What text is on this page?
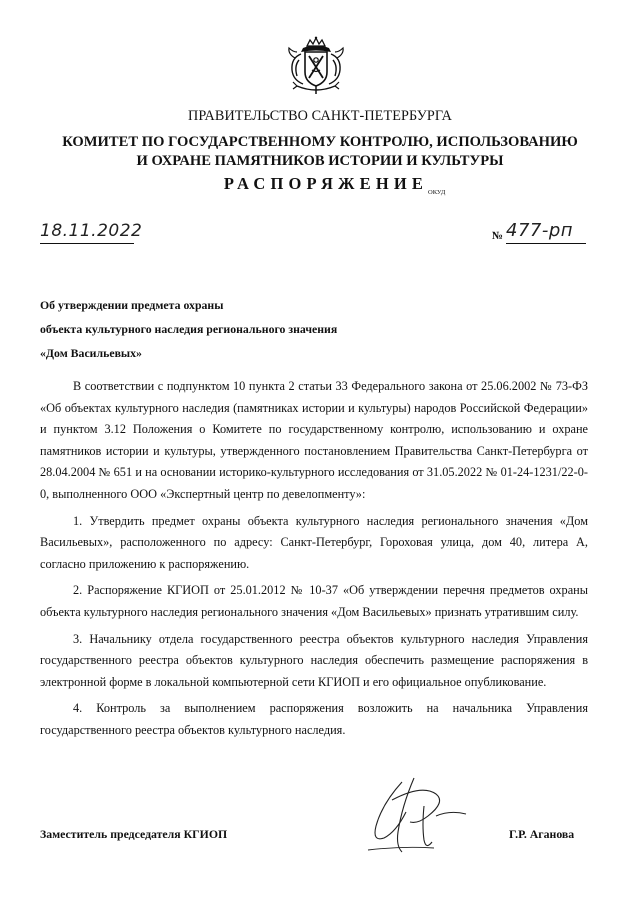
ПРАВИТЕЛЬСТВО САНКТ-ПЕТЕРБУРГА
КОМИТЕТ ПО ГОСУДАРСТВЕННОМУ КОНТРОЛЮ, ИСПОЛЬЗОВАНИЮ
И ОХРАНЕ ПАМЯТНИКОВ ИСТОРИИ И КУЛЬТУРЫ
РАСПОРЯЖЕНИЕ ОКУД
18.11.2022	№ 477-рп
Об утверждении предмета охраны
объекта культурного наследия регионального значения
«Дом Васильевых»

В соответствии с подпунктом 10 пункта 2 статьи 33 Федерального закона от 25.06.2002 № 73-ФЗ «Об объектах культурного наследия (памятниках истории и культуры) народов Российской Федерации» и пунктом 3.12 Положения о Комитете по государственному контролю, использованию и охране памятников истории и культуры, утвержденного постановлением Правительства Санкт-Петербурга от 28.04.2004 № 651 и на основании историко-культурного исследования от 31.05.2022 № 01-24-1231/22-0-0, выполненного ООО «Экспертный центр по девелопменту»:

1. Утвердить предмет охраны объекта культурного наследия регионального значения «Дом Васильевых», расположенного по адресу: Санкт-Петербург, Гороховая улица, дом 40, литера А, согласно приложению к распоряжению.

2. Распоряжение КГИОП от 25.01.2012 № 10-37 «Об утверждении перечня предметов охраны объекта культурного наследия регионального значения «Дом Васильевых» признать утратившим силу.

3. Начальнику отдела государственного реестра объектов культурного наследия Управления государственного реестра объектов культурного наследия обеспечить размещение распоряжения в электронной форме в локальной компьютерной сети КГИОП и его официальное опубликование.

4. Контроль за выполнением распоряжения возложить на начальника Управления государственного реестра объектов культурного наследия.

Заместитель председателя КГИОП	Г.Р. Аганова
